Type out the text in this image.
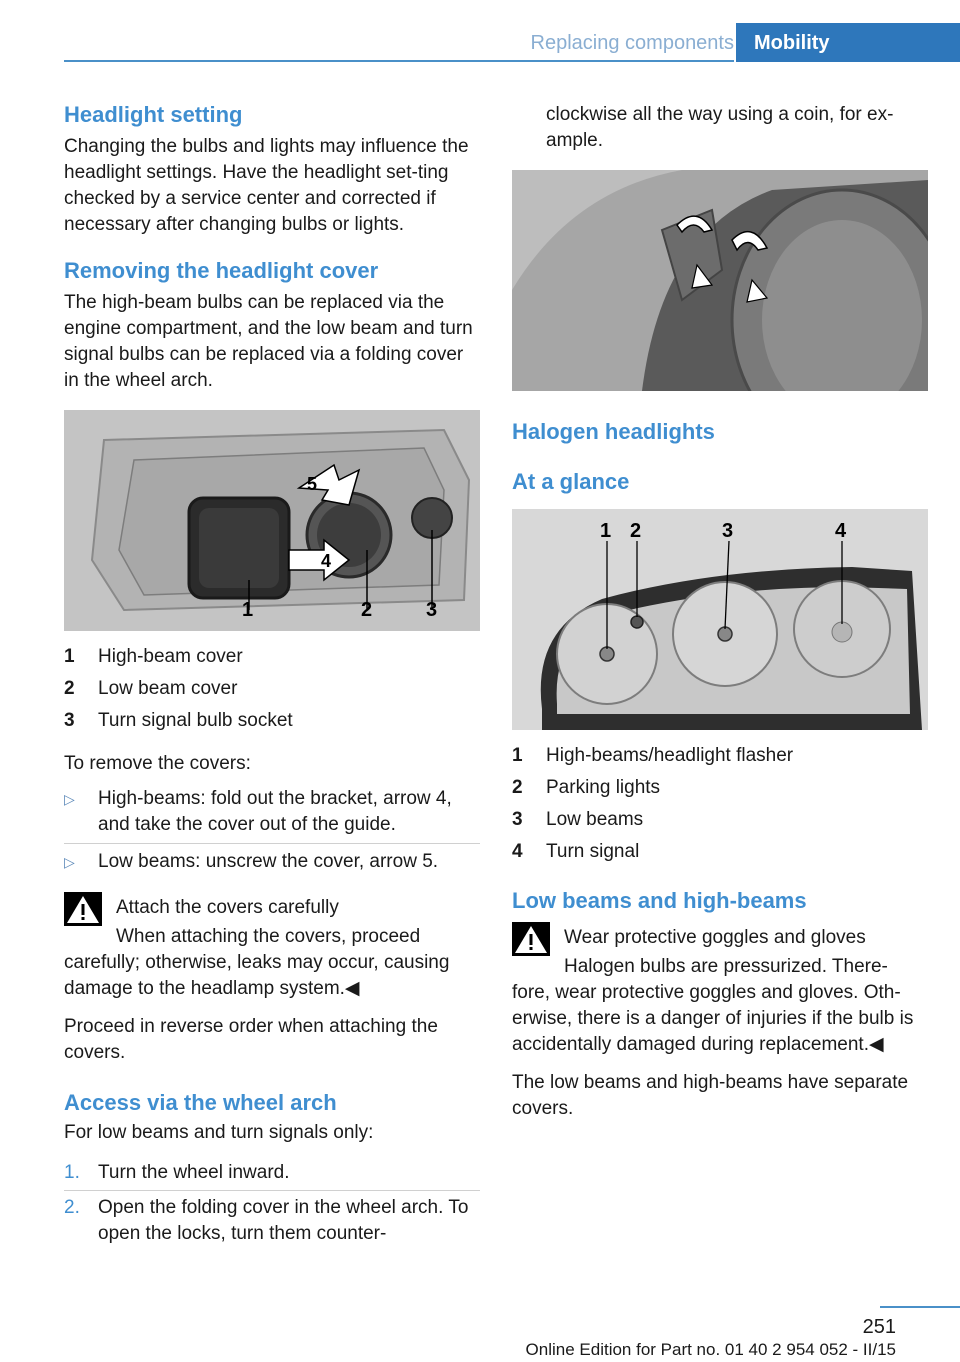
Replacing components	Mobility
Headlight setting

Changing the bulbs and lights may influence the headlight settings. Have the headlight set-ting checked by a service center and corrected if necessary after changing bulbs or lights.

Removing the headlight cover

The high-beam bulbs can be replaced via the engine compartment, and the low beam and turn signal bulbs can be replaced via a folding cover in the wheel arch.

1	2	3
4
5
1	High-beam cover
2	Low beam cover
3	Turn signal bulb socket

To remove the covers:

▷	High-beams: fold out the bracket, arrow 4, and take the cover out of the guide.
▷	Low beams: unscrew the cover, arrow 5.
Attach the covers carefully
When attaching the covers, proceed
carefully; otherwise, leaks may occur, causing damage to the headlamp system.◀

Proceed in reverse order when attaching the covers.

Access via the wheel arch

For low beams and turn signals only:

1. Turn the wheel inward.
2. Open the folding cover in the wheel arch. To open the locks, turn them counter-

clockwise all the way using a coin, for ex-ample.

Halogen headlights
At a glance
1 2	3	4
1	High-beams/headlight flasher
2	Parking lights
3	Low beams
4	Turn signal
Low beams and high-beams
Wear protective goggles and gloves
Halogen bulbs are pressurized. There-
fore, wear protective goggles and gloves. Oth-erwise, there is a danger of injuries if the bulb is accidentally damaged during replacement.◀

The low beams and high-beams have separate covers.

251
Online Edition for Part no. 01 40 2 954 052 - II/15
